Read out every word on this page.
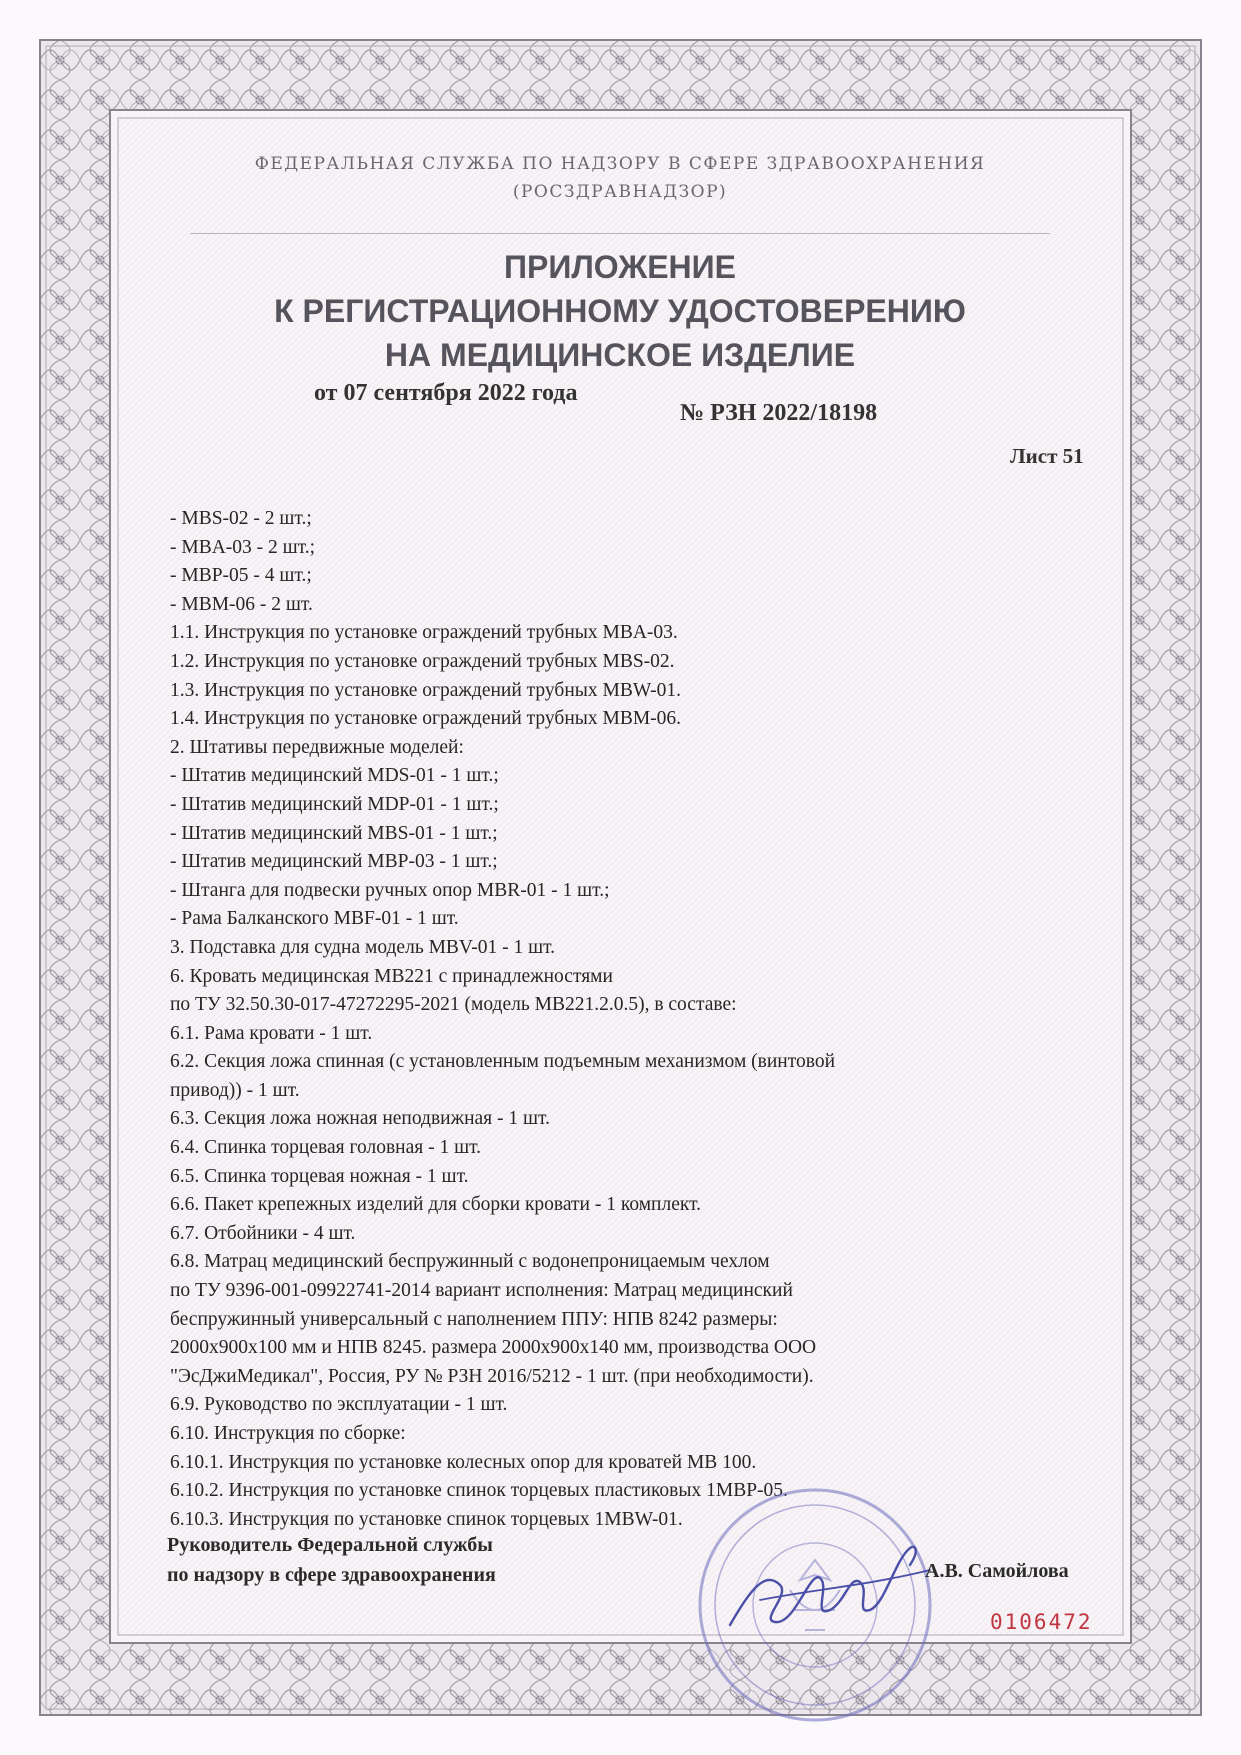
ФЕДЕРАЛЬНАЯ СЛУЖБА ПО НАДЗОРУ В СФЕРЕ ЗДРАВООХРАНЕНИЯ
(РОСЗДРАВНАДЗОР)
ПРИЛОЖЕНИЕ
К РЕГИСТРАЦИОННОМУ УДОСТОВЕРЕНИЮ
НА МЕДИЦИНСКОЕ ИЗДЕЛИЕ
от 07 сентября 2022 года
№ РЗН 2022/18198
Лист 51
- MBS-02 - 2 шт.;
- MBA-03 - 2 шт.;
- MBP-05 - 4 шт.;
- MBM-06 - 2 шт.
1.1. Инструкция по установке ограждений трубных MBA-03.
1.2. Инструкция по установке ограждений трубных MBS-02.
1.3. Инструкция по установке ограждений трубных MBW-01.
1.4. Инструкция по установке ограждений трубных MBM-06.
2. Штативы передвижные моделей:
- Штатив медицинский MDS-01 - 1 шт.;
- Штатив медицинский MDP-01 - 1 шт.;
- Штатив медицинский MBS-01 - 1 шт.;
- Штатив медицинский MBP-03 - 1 шт.;
- Штанга для подвески ручных опор MBR-01 - 1 шт.;
- Рама Балканского MBF-01 - 1 шт.
3. Подставка для судна модель MBV-01 - 1 шт.
6. Кровать медицинская MB221 с принадлежностями
по ТУ 32.50.30-017-47272295-2021 (модель MB221.2.0.5), в составе:
6.1. Рама кровати - 1 шт.
6.2. Секция ложа спинная (с установленным подъемным механизмом (винтовой
привод)) - 1 шт.
6.3. Секция ложа ножная неподвижная - 1 шт.
6.4. Спинка торцевая головная - 1 шт.
6.5. Спинка торцевая ножная - 1 шт.
6.6. Пакет крепежных изделий для сборки кровати - 1 комплект.
6.7. Отбойники - 4 шт.
6.8. Матрац медицинский беспружинный с водонепроницаемым чехлом
по ТУ 9396-001-09922741-2014 вариант исполнения: Матрац медицинский
беспружинный универсальный с наполнением ППУ: НПВ 8242 размеры:
2000x900x100 мм и НПВ 8245. размера 2000x900x140 мм, производства ООО
"ЭсДжиМедикал", Россия, РУ № РЗН 2016/5212 - 1 шт. (при необходимости).
6.9. Руководство по эксплуатации - 1 шт.
6.10. Инструкция по сборке:
6.10.1. Инструкция по установке колесных опор для кроватей MB 100.
6.10.2. Инструкция по установке спинок торцевых пластиковых 1MBP-05.
6.10.3. Инструкция по установке спинок торцевых 1MBW-01.
Руководитель Федеральной службы
по надзору в сфере здравоохранения	А.В. Самойлова
0106472
